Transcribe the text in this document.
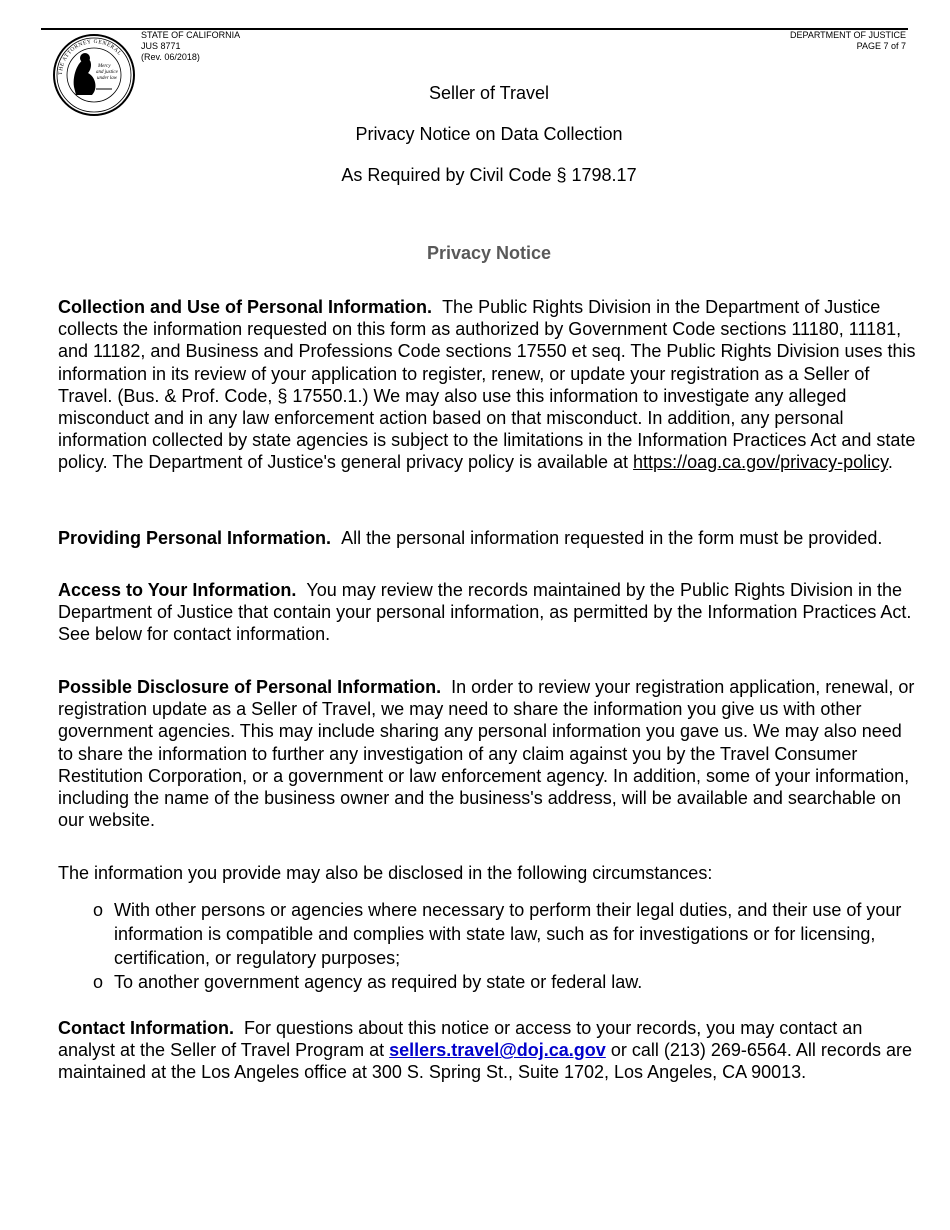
THE ATTORNEY GENERAL
Mercy
and justice
under law
STATE OF CALIFORNIA
JUS 8771
(Rev. 06/2018)
DEPARTMENT OF JUSTICE
PAGE 7 of 7
Seller of Travel
Privacy Notice on Data Collection
As Required by Civil Code § 1798.17
Privacy Notice
Collection and Use of Personal Information. The Public Rights Division in the Department of Justice collects the information requested on this form as authorized by Government Code sections 11180, 11181, and 11182, and Business and Professions Code sections 17550 et seq. The Public Rights Division uses this information in its review of your application to register, renew, or update your registration as a Seller of Travel. (Bus. & Prof. Code, § 17550.1.) We may also use this information to investigate any alleged misconduct and in any law enforcement action based on that misconduct. In addition, any personal information collected by state agencies is subject to the limitations in the Information Practices Act and state policy. The Department of Justice's general privacy policy is available at https://oag.ca.gov/privacy-policy.
Providing Personal Information. All the personal information requested in the form must be provided.
Access to Your Information. You may review the records maintained by the Public Rights Division in the Department of Justice that contain your personal information, as permitted by the Information Practices Act. See below for contact information.
Possible Disclosure of Personal Information. In order to review your registration application, renewal, or registration update as a Seller of Travel, we may need to share the information you give us with other government agencies. This may include sharing any personal information you gave us. We may also need to share the information to further any investigation of any claim against you by the Travel Consumer Restitution Corporation, or a government or law enforcement agency. In addition, some of your information, including the name of the business owner and the business's address, will be available and searchable on our website.
The information you provide may also be disclosed in the following circumstances:
o With other persons or agencies where necessary to perform their legal duties, and their use of your information is compatible and complies with state law, such as for investigations or for licensing, certification, or regulatory purposes;
o To another government agency as required by state or federal law.
Contact Information. For questions about this notice or access to your records, you may contact an analyst at the Seller of Travel Program at sellers.travel@doj.ca.gov or call (213) 269-6564. All records are maintained at the Los Angeles office at 300 S. Spring St., Suite 1702, Los Angeles, CA 90013.
